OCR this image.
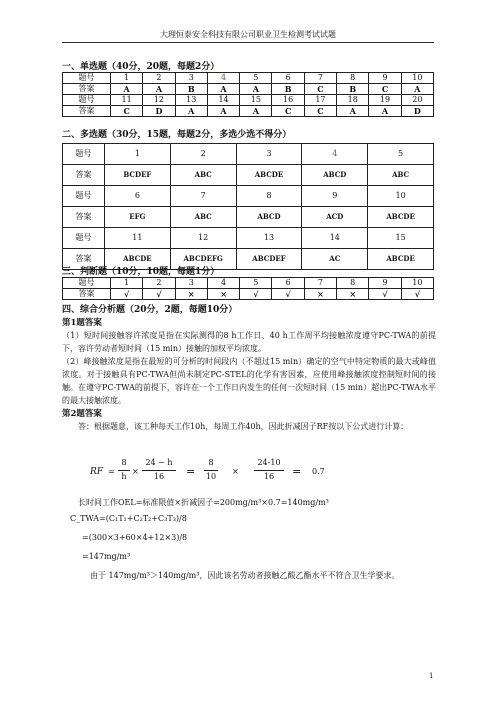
大理恒泰安全科技有限公司职业卫生检测考试试题
一、单选题（40分，20题，每题2分）
题号	1	2	3	4	5	6	7	8	9	10
答案	A	A	B	A	A	B	C	B	C	A
题号	11	12	13	14	15	16	17	18	19	20
答案	C	D	A	A	A	C	C	A	A	D
二、多选题（30分，15题，每题2分，多选少选不得分）
题号	1	2	3	4	5
答案	BCDEF	ABC	ABCDE	ABCD	ABC
题号	6	7	8	9	10
答案	EFG	ABC	ABCD	ACD	ABCDE
题号	11	12	13	14	15
答案	ABCDE	ABCDEFG	ABCDEF	AC	ABCDE
三、判断题（10分，10题，每题1分）
题号	1	2	3	4	5	6	7	8	9	10
答案	√	√	×	×	√	√	×	×	√	√
四、综合分析题（20分，2题，每题10分）
第1题答案
（1）短时间接触容许浓度是指在实际测得的8 h工作日、40 h工作周平均接触浓度遵守PC-TWA的前提下，容许劳动者短时间（15 min）接触的加权平均浓度。
（2）峰接触浓度是指在最短的可分析的时间段内（不超过15 min）确定的空气中特定物质的最大或峰值浓度。对于接触具有PC-TWA但尚未制定PC-STEL的化学有害因素，应使用峰接触浓度控制短时间的接触。在遵守PC-TWA的前提下，容许在一个工作日内发生的任何一次短时间（15 min）超出PC-TWA水平的最大接触浓度。
第2题答案
答：根据题意，该工种每天工作10h，每周工作40h，因此折减因子RF按以下公式进行计算：
RF =
8
h
×
24 − h
16	=
8
10
×
24-10
16	= 0.7
长时间工作OEL=标准限值×折减因子=200mg/m³×0.7=140mg/m³
C_TWA=(C₁T₁+C₂T₂+C₃T₃)/8
=(300×3+60×4+12×3)/8
=147mg/m³
由于 147mg/m³＞140mg/m³，因此该名劳动者接触乙酸乙酯水平不符合卫生学要求。
1
